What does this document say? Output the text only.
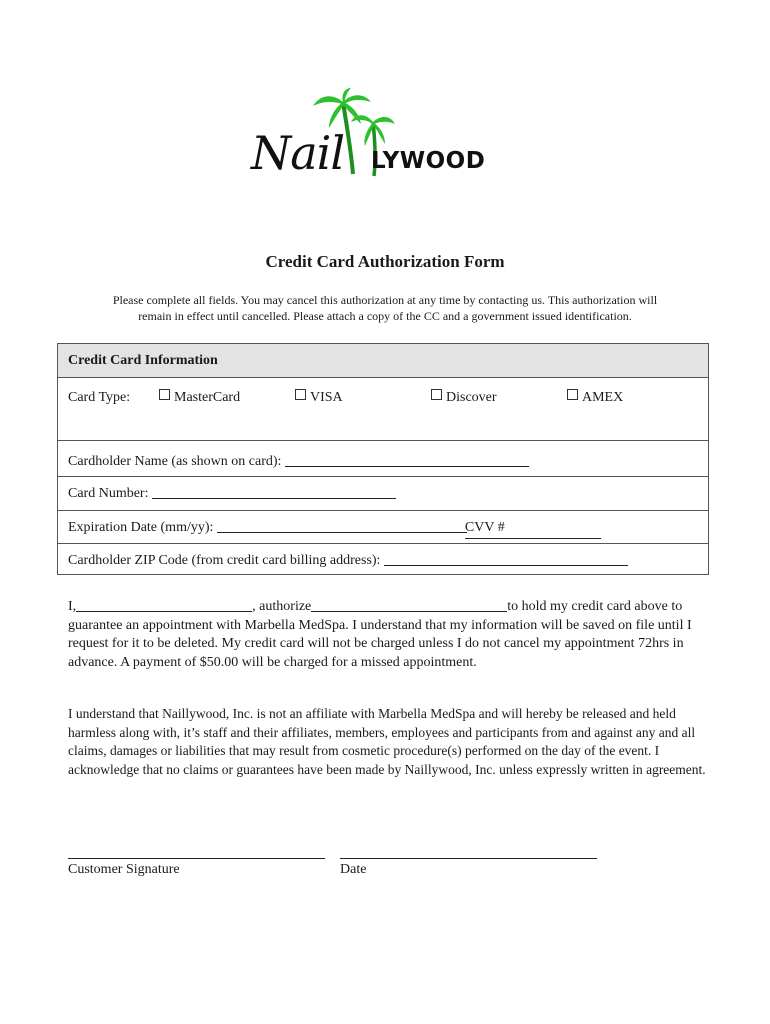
Nail LYWOOD
Credit Card Authorization Form
Please complete all fields. You may cancel this authorization at any time by contacting us. This authorization will
remain in effect until cancelled. Please attach a copy of the CC and a government issued identification.
Credit Card Information
Card Type:	MasterCard	VISA	Discover	AMEX
Cardholder Name (as shown on card):
Card Number:
Expiration Date (mm/yy):	CVV #
Cardholder ZIP Code (from credit card billing address):
I,	, authorize	to hold my credit card above to guarantee an appointment with Marbella MedSpa. I understand that my information will be saved on file until I request for it to be deleted. My credit card will not be charged unless I do not cancel my appointment 72hrs in advance. A payment of $50.00 will be charged for a missed appointment.
I understand that Naillywood, Inc. is not an affiliate with Marbella MedSpa and will hereby be released and held harmless along with, it’s staff and their affiliates, members, employees and participants from and against any and all claims, damages or liabilities that may result from cosmetic procedure(s) performed on the day of the event. I acknowledge that no claims or guarantees have been made by Naillywood, Inc. unless expressly written in agreement.
Customer Signature	Date
